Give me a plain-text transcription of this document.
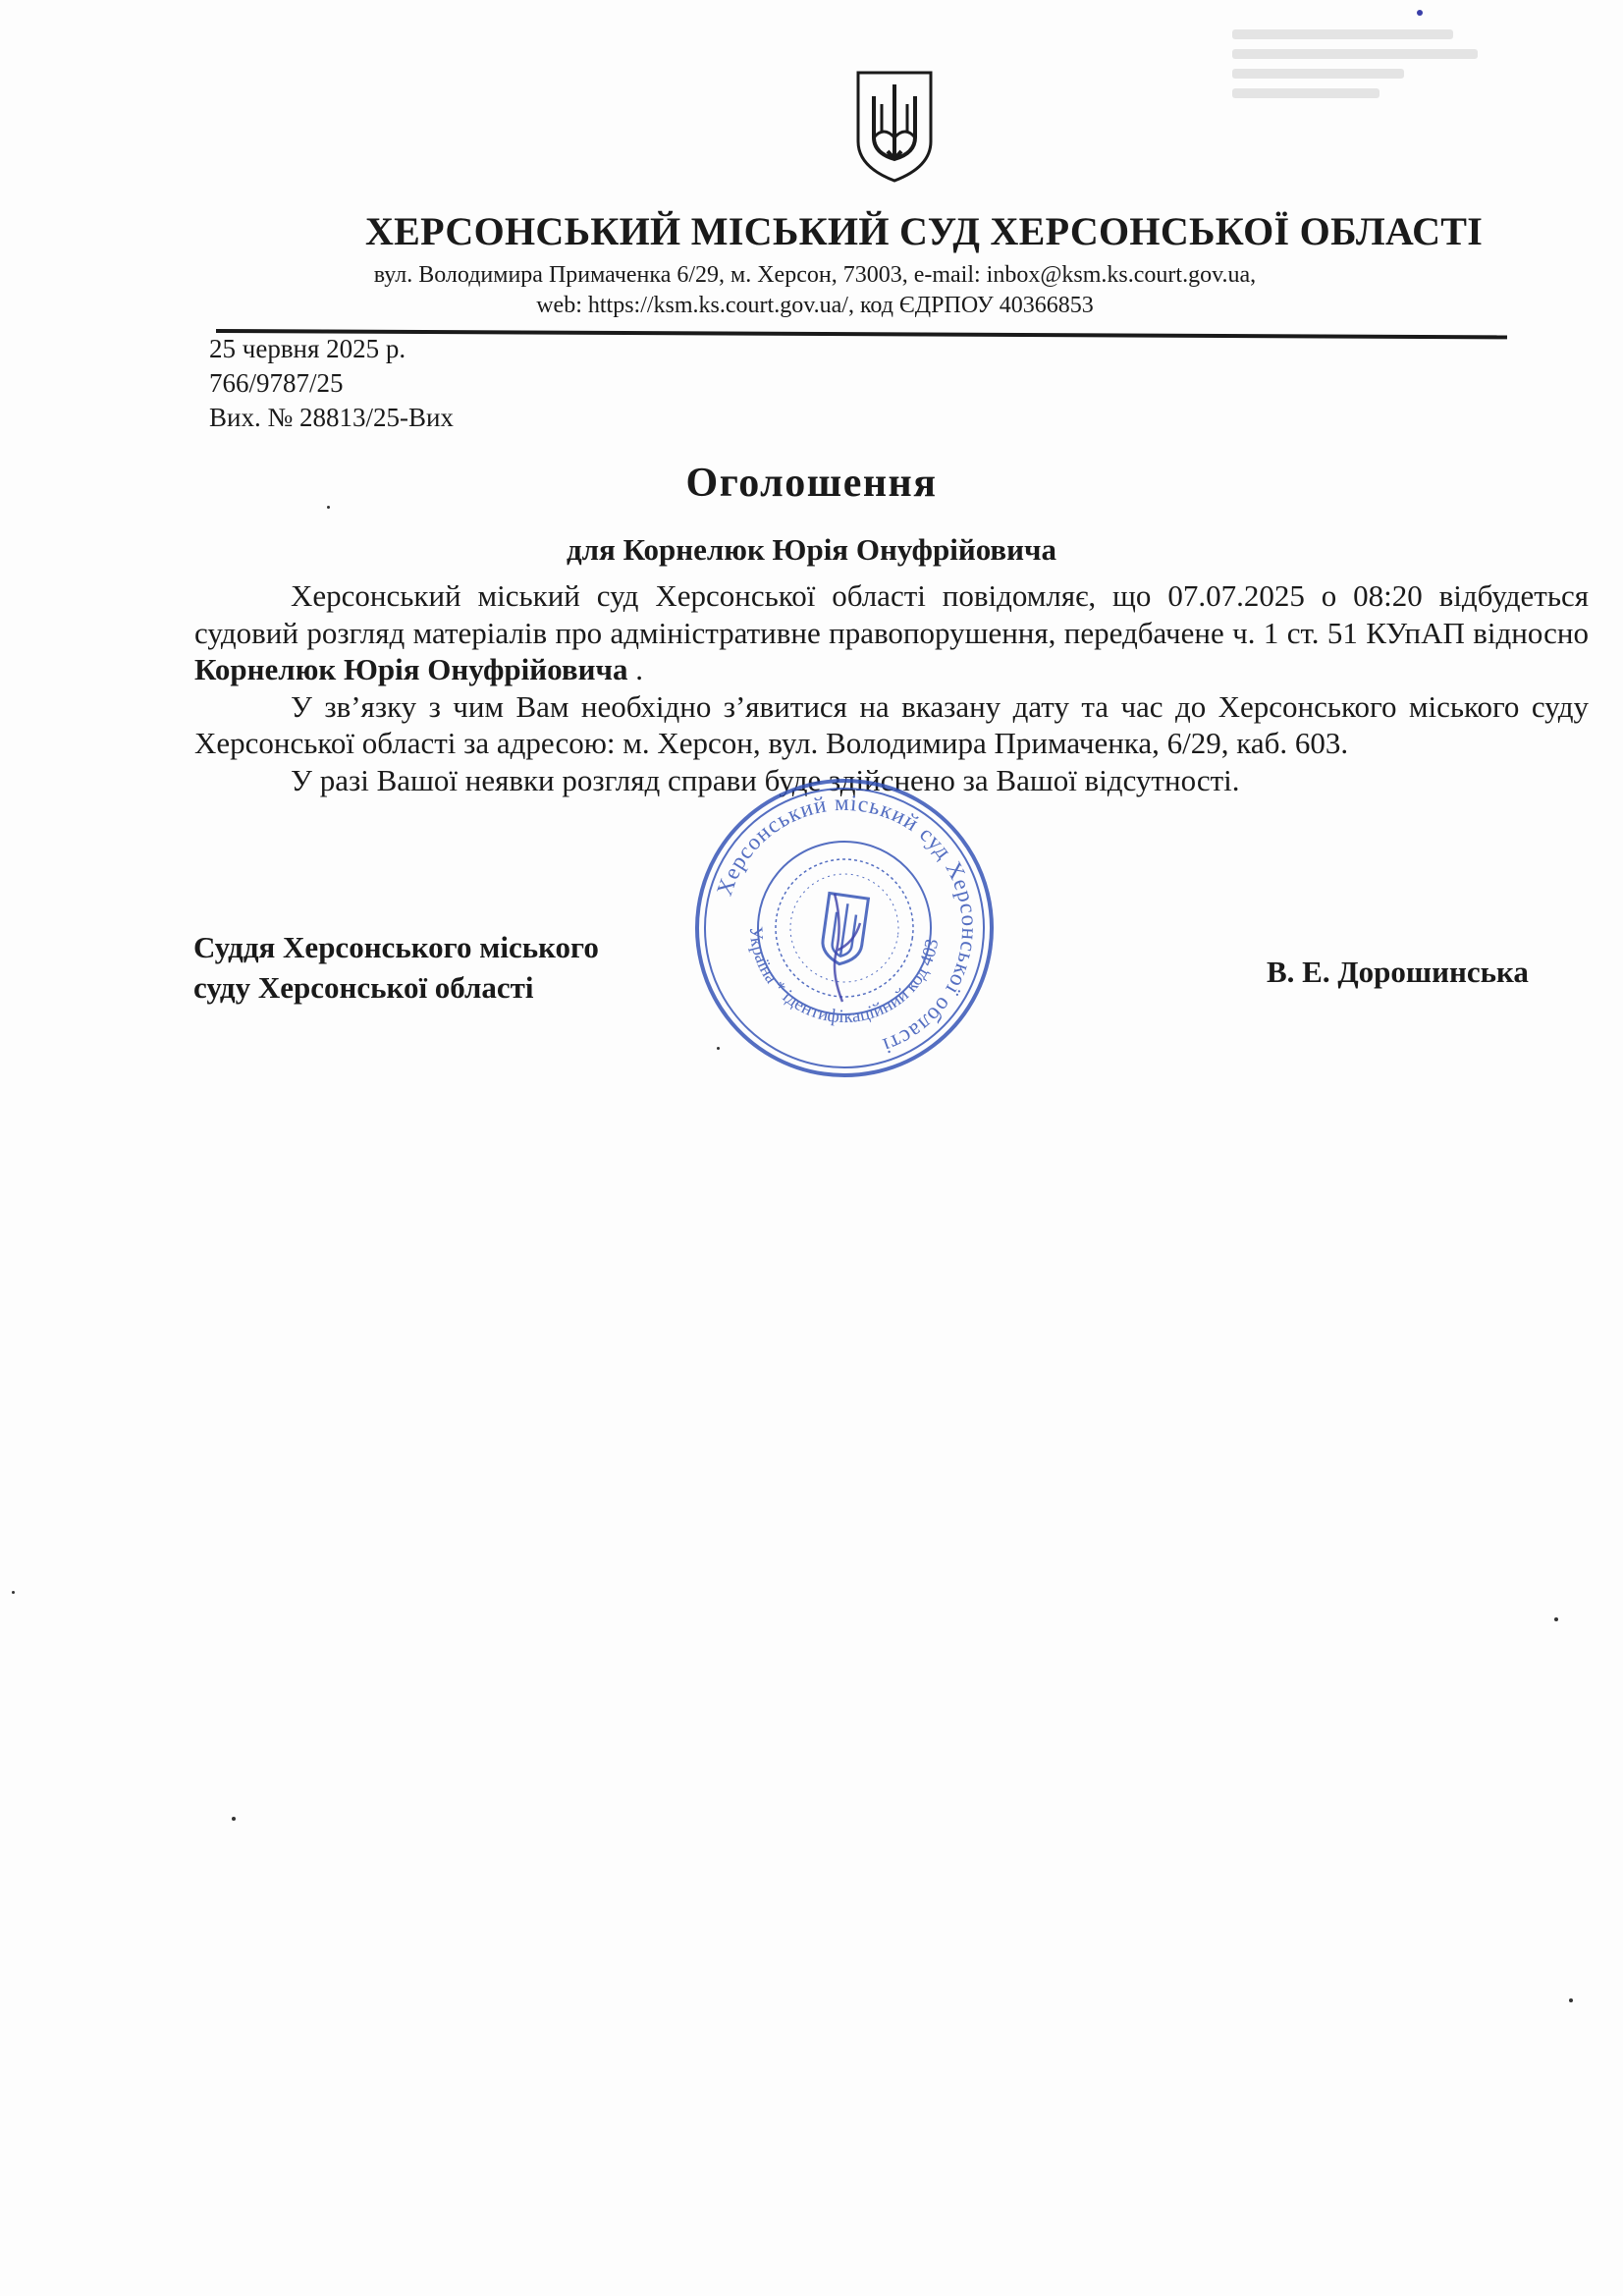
ХЕРСОНСЬКИЙ МІСЬКИЙ СУД ХЕРСОНСЬКОЇ ОБЛАСТІ
вул. Володимира Примаченка 6/29, м. Херсон, 73003, e-mail: inbox@ksm.ks.court.gov.ua,
web: https://ksm.ks.court.gov.ua/, код ЄДРПОУ 40366853
25 червня 2025 р.
766/9787/25
Вих. № 28813/25-Вих
Оголошення
для Корнелюк Юрія Онуфрійовича

Херсонський міський суд Херсонської області повідомляє, що 07.07.2025 о 08:20 відбудеться судовий розгляд матеріалів про адміністративне правопорушення, передбачене ч. 1 ст. 51 КУпАП відносно Корнелюк Юрія Онуфрійовича .

У зв’язку з чим Вам необхідно з’явитися на вказану дату та час до Херсонського міського суду Херсонської області за адресою: м. Херсон, вул. Володимира Примаченка, 6/29, каб. 603.

У разі Вашої неявки розгляд справи буде здійснено за Вашої відсутності.

Суддя Херсонського міського
суду Херсонської області	В. Е. Дорошинська
Херсонський міський суд Херсонської області
Україна * ідентифікаційний код 40366853
